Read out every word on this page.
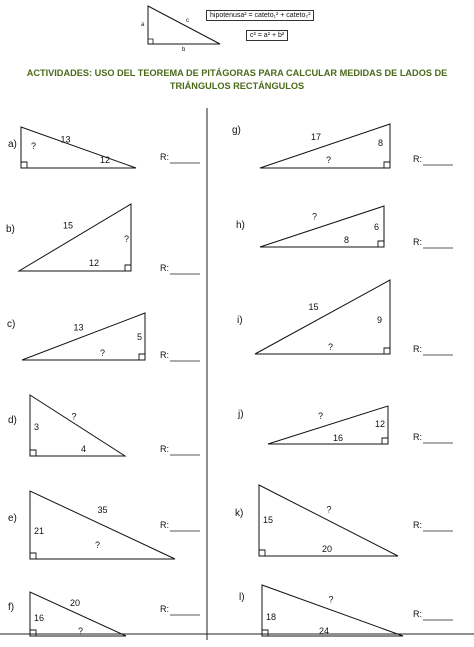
a
c
b
hipotenusa² = cateto₁² + cateto₂²
c² = a² + b²
ACTIVIDADES: USO DEL TEOREMA DE PITÁGORAS PARA CALCULAR MEDIDAS DE LADOS DE
TRIÁNGULOS RECTÁNGULOS
?
12
13
a)
R:
?
12
15
b)
R:
5
?
13
c)
R:
3
4
?
d)
R:
21
?
35
e)
R:
16
?
20
f)	R:
8
?
17
g)
R:
6
8
?
h)
R:
9
?
15
i)
R:
12
16
?
j)
R:
15
20
?
k)
R:
18
24
?
l)
R:
